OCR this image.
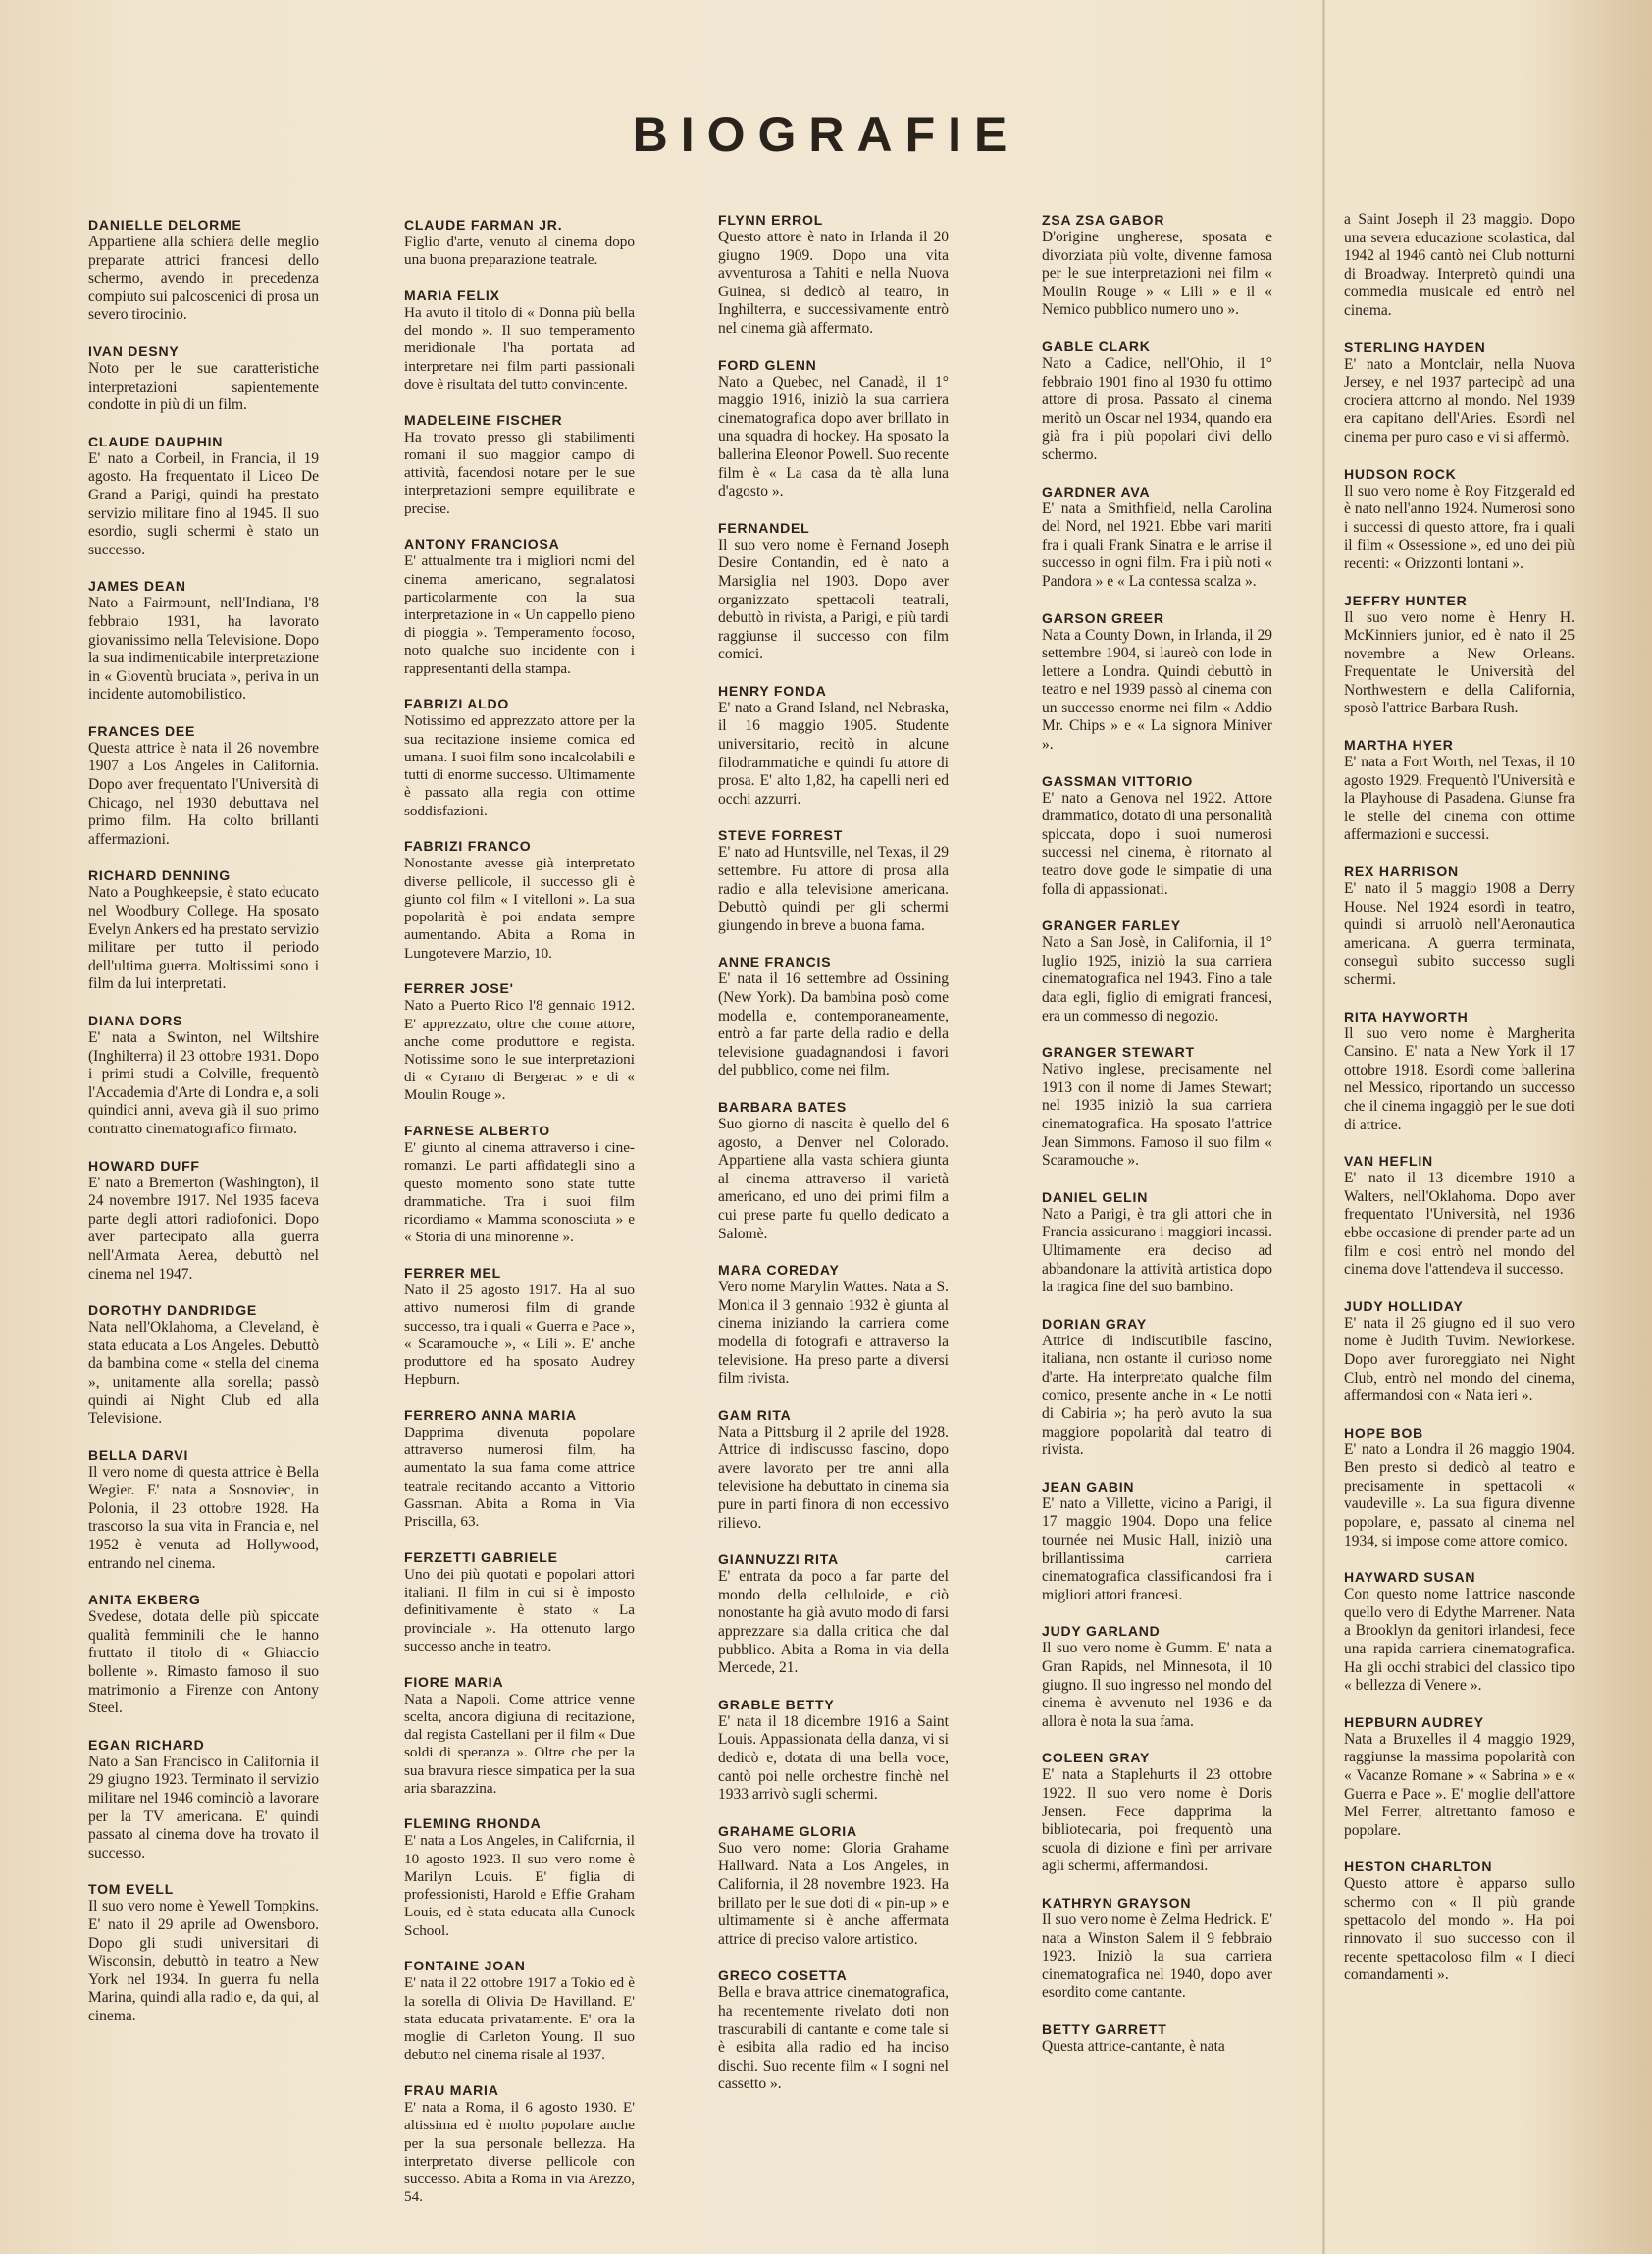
BIOGRAFIE
DANIELLE DELORME
Appartiene alla schiera delle meglio preparate attrici francesi dello schermo, avendo in precedenza compiuto sui palcoscenici di prosa un severo tirocinio.
IVAN DESNY
Noto per le sue caratteristiche interpretazioni sapientemente condotte in più di un film.
CLAUDE DAUPHIN
E' nato a Corbeil, in Francia, il 19 agosto. Ha frequentato il Liceo De Grand a Parigi, quindi ha prestato servizio militare fino al 1945. Il suo esordio, sugli schermi è stato un successo.
JAMES DEAN
Nato a Fairmount, nell'Indiana, l'8 febbraio 1931, ha lavorato giovanissimo nella Televisione. Dopo la sua indimenticabile interpretazione in « Gioventù bruciata », periva in un incidente automobilistico.
FRANCES DEE
Questa attrice è nata il 26 novembre 1907 a Los Angeles in California. Dopo aver frequentato l'Università di Chicago, nel 1930 debuttava nel primo film. Ha colto brillanti affermazioni.
RICHARD DENNING
Nato a Poughkeepsie, è stato educato nel Woodbury College. Ha sposato Evelyn Ankers ed ha prestato servizio militare per tutto il periodo dell'ultima guerra. Moltissimi sono i film da lui interpretati.
DIANA DORS
E' nata a Swinton, nel Wiltshire (Inghilterra) il 23 ottobre 1931. Dopo i primi studi a Colville, frequentò l'Accademia d'Arte di Londra e, a soli quindici anni, aveva già il suo primo contratto cinematografico firmato.
HOWARD DUFF
E' nato a Bremerton (Washington), il 24 novembre 1917. Nel 1935 faceva parte degli attori radiofonici. Dopo aver partecipato alla guerra nell'Armata Aerea, debuttò nel cinema nel 1947.
DOROTHY DANDRIDGE
Nata nell'Oklahoma, a Cleveland, è stata educata a Los Angeles. Debuttò da bambina come « stella del cinema », unitamente alla sorella; passò quindi ai Night Club ed alla Televisione.
BELLA DARVI
Il vero nome di questa attrice è Bella Wegier. E' nata a Sosnoviec, in Polonia, il 23 ottobre 1928. Ha trascorso la sua vita in Francia e, nel 1952 è venuta ad Hollywood, entrando nel cinema.
ANITA EKBERG
Svedese, dotata delle più spiccate qualità femminili che le hanno fruttato il titolo di « Ghiaccio bollente ». Rimasto famoso il suo matrimonio a Firenze con Antony Steel.
EGAN RICHARD
Nato a San Francisco in California il 29 giugno 1923. Terminato il servizio militare nel 1946 cominciò a lavorare per la TV americana. E' quindi passato al cinema dove ha trovato il successo.
TOM EVELL
Il suo vero nome è Yewell Tompkins. E' nato il 29 aprile ad Owensboro. Dopo gli studi universitari di Wisconsin, debuttò in teatro a New York nel 1934. In guerra fu nella Marina, quindi alla radio e, da qui, al cinema.
CLAUDE FARMAN JR.
Figlio d'arte, venuto al cinema dopo una buona preparazione teatrale.
MARIA FELIX
Ha avuto il titolo di « Donna più bella del mondo ». Il suo temperamento meridionale l'ha portata ad interpretare nei film parti passionali dove è risultata del tutto convincente.
MADELEINE FISCHER
Ha trovato presso gli stabilimenti romani il suo maggior campo di attività, facendosi notare per le sue interpretazioni sempre equilibrate e precise.
ANTONY FRANCIOSA
E' attualmente tra i migliori nomi del cinema americano, segnalatosi particolarmente con la sua interpretazione in « Un cappello pieno di pioggia ». Temperamento focoso, noto qualche suo incidente con i rappresentanti della stampa.
FABRIZI ALDO
Notissimo ed apprezzato attore per la sua recitazione insieme comica ed umana. I suoi film sono incalcolabili e tutti di enorme successo. Ultimamente è passato alla regia con ottime soddisfazioni.
FABRIZI FRANCO
Nonostante avesse già interpretato diverse pellicole, il successo gli è giunto col film « I vitelloni ». La sua popolarità è poi andata sempre aumentando. Abita a Roma in Lungotevere Marzio, 10.
FERRER JOSE'
Nato a Puerto Rico l'8 gennaio 1912. E' apprezzato, oltre che come attore, anche come produttore e regista. Notissime sono le sue interpretazioni di « Cyrano di Bergerac » e di « Moulin Rouge ».
FARNESE ALBERTO
E' giunto al cinema attraverso i cine-romanzi. Le parti affidategli sino a questo momento sono state tutte drammatiche. Tra i suoi film ricordiamo « Mamma sconosciuta » e « Storia di una minorenne ».
FERRER MEL
Nato il 25 agosto 1917. Ha al suo attivo numerosi film di grande successo, tra i quali « Guerra e Pace », « Scaramouche », « Lili ». E' anche produttore ed ha sposato Audrey Hepburn.
FERRERO ANNA MARIA
Dapprima divenuta popolare attraverso numerosi film, ha aumentato la sua fama come attrice teatrale recitando accanto a Vittorio Gassman. Abita a Roma in Via Priscilla, 63.
FERZETTI GABRIELE
Uno dei più quotati e popolari attori italiani. Il film in cui si è imposto definitivamente è stato « La provinciale ». Ha ottenuto largo successo anche in teatro.
FIORE MARIA
Nata a Napoli. Come attrice venne scelta, ancora digiuna di recitazione, dal regista Castellani per il film « Due soldi di speranza ». Oltre che per la sua bravura riesce simpatica per la sua aria sbarazzina.
FLEMING RHONDA
E' nata a Los Angeles, in California, il 10 agosto 1923. Il suo vero nome è Marilyn Louis. E' figlia di professionisti, Harold e Effie Graham Louis, ed è stata educata alla Cunock School.
FONTAINE JOAN
E' nata il 22 ottobre 1917 a Tokio ed è la sorella di Olivia De Havilland. E' stata educata privatamente. E' ora la moglie di Carleton Young. Il suo debutto nel cinema risale al 1937.
FRAU MARIA
E' nata a Roma, il 6 agosto 1930. E' altissima ed è molto popolare anche per la sua personale bellezza. Ha interpretato diverse pellicole con successo. Abita a Roma in via Arezzo, 54.
FLYNN ERROL
Questo attore è nato in Irlanda il 20 giugno 1909. Dopo una vita avventurosa a Tahiti e nella Nuova Guinea, si dedicò al teatro, in Inghilterra, e successivamente entrò nel cinema già affermato.
FORD GLENN
Nato a Quebec, nel Canadà, il 1° maggio 1916, iniziò la sua carriera cinematografica dopo aver brillato in una squadra di hockey. Ha sposato la ballerina Eleonor Powell. Suo recente film è « La casa da tè alla luna d'agosto ».
FERNANDEL
Il suo vero nome è Fernand Joseph Desire Contandin, ed è nato a Marsiglia nel 1903. Dopo aver organizzato spettacoli teatrali, debuttò in rivista, a Parigi, e più tardi raggiunse il successo con film comici.
HENRY FONDA
E' nato a Grand Island, nel Nebraska, il 16 maggio 1905. Studente universitario, recitò in alcune filodrammatiche e quindi fu attore di prosa. E' alto 1,82, ha capelli neri ed occhi azzurri.
STEVE FORREST
E' nato ad Huntsville, nel Texas, il 29 settembre. Fu attore di prosa alla radio e alla televisione americana. Debuttò quindi per gli schermi giungendo in breve a buona fama.
ANNE FRANCIS
E' nata il 16 settembre ad Ossining (New York). Da bambina posò come modella e, contemporaneamente, entrò a far parte della radio e della televisione guadagnandosi i favori del pubblico, come nei film.
BARBARA BATES
Suo giorno di nascita è quello del 6 agosto, a Denver nel Colorado. Appartiene alla vasta schiera giunta al cinema attraverso il varietà americano, ed uno dei primi film a cui prese parte fu quello dedicato a Salomè.
MARA COREDAY
Vero nome Marylin Wattes. Nata a S. Monica il 3 gennaio 1932 è giunta al cinema iniziando la carriera come modella di fotografi e attraverso la televisione. Ha preso parte a diversi film rivista.
GAM RITA
Nata a Pittsburg il 2 aprile del 1928. Attrice di indiscusso fascino, dopo avere lavorato per tre anni alla televisione ha debuttato in cinema sia pure in parti finora di non eccessivo rilievo.
GIANNUZZI RITA
E' entrata da poco a far parte del mondo della celluloide, e ciò nonostante ha già avuto modo di farsi apprezzare sia dalla critica che dal pubblico. Abita a Roma in via della Mercede, 21.
GRABLE BETTY
E' nata il 18 dicembre 1916 a Saint Louis. Appassionata della danza, vi si dedicò e, dotata di una bella voce, cantò poi nelle orchestre finchè nel 1933 arrivò sugli schermi.
GRAHAME GLORIA
Suo vero nome: Gloria Grahame Hallward. Nata a Los Angeles, in California, il 28 novembre 1923. Ha brillato per le sue doti di « pin-up » e ultimamente si è anche affermata attrice di preciso valore artistico.
GRECO COSETTA
Bella e brava attrice cinematografica, ha recentemente rivelato doti non trascurabili di cantante e come tale si è esibita alla radio ed ha inciso dischi. Suo recente film « I sogni nel cassetto ».
ZSA ZSA GABOR
D'origine ungherese, sposata e divorziata più volte, divenne famosa per le sue interpretazioni nei film « Moulin Rouge » « Lili » e il « Nemico pubblico numero uno ».
GABLE CLARK
Nato a Cadice, nell'Ohio, il 1° febbraio 1901 fino al 1930 fu ottimo attore di prosa. Passato al cinema meritò un Oscar nel 1934, quando era già fra i più popolari divi dello schermo.
GARDNER AVA
E' nata a Smithfield, nella Carolina del Nord, nel 1921. Ebbe vari mariti fra i quali Frank Sinatra e le arrise il successo in ogni film. Fra i più noti « Pandora » e « La contessa scalza ».
GARSON GREER
Nata a County Down, in Irlanda, il 29 settembre 1904, si laureò con lode in lettere a Londra. Quindi debuttò in teatro e nel 1939 passò al cinema con un successo enorme nei film « Addio Mr. Chips » e « La signora Miniver ».
GASSMAN VITTORIO
E' nato a Genova nel 1922. Attore drammatico, dotato di una personalità spiccata, dopo i suoi numerosi successi nel cinema, è ritornato al teatro dove gode le simpatie di una folla di appassionati.
GRANGER FARLEY
Nato a San Josè, in California, il 1° luglio 1925, iniziò la sua carriera cinematografica nel 1943. Fino a tale data egli, figlio di emigrati francesi, era un commesso di negozio.
GRANGER STEWART
Nativo inglese, precisamente nel 1913 con il nome di James Stewart; nel 1935 iniziò la sua carriera cinematografica. Ha sposato l'attrice Jean Simmons. Famoso il suo film « Scaramouche ».
DANIEL GELIN
Nato a Parigi, è tra gli attori che in Francia assicurano i maggiori incassi. Ultimamente era deciso ad abbandonare la attività artistica dopo la tragica fine del suo bambino.
DORIAN GRAY
Attrice di indiscutibile fascino, italiana, non ostante il curioso nome d'arte. Ha interpretato qualche film comico, presente anche in « Le notti di Cabiria »; ha però avuto la sua maggiore popolarità dal teatro di rivista.
JEAN GABIN
E' nato a Villette, vicino a Parigi, il 17 maggio 1904. Dopo una felice tournée nei Music Hall, iniziò una brillantissima carriera cinematografica classificandosi fra i migliori attori francesi.
JUDY GARLAND
Il suo vero nome è Gumm. E' nata a Gran Rapids, nel Minnesota, il 10 giugno. Il suo ingresso nel mondo del cinema è avvenuto nel 1936 e da allora è nota la sua fama.
COLEEN GRAY
E' nata a Staplehurts il 23 ottobre 1922. Il suo vero nome è Doris Jensen. Fece dapprima la bibliotecaria, poi frequentò una scuola di dizione e finì per arrivare agli schermi, affermandosi.
KATHRYN GRAYSON
Il suo vero nome è Zelma Hedrick. E' nata a Winston Salem il 9 febbraio 1923. Iniziò la sua carriera cinematografica nel 1940, dopo aver esordito come cantante.
BETTY GARRETT
Questa attrice-cantante, è nata
a Saint Joseph il 23 maggio. Dopo una severa educazione scolastica, dal 1942 al 1946 cantò nei Club notturni di Broadway. Interpretò quindi una commedia musicale ed entrò nel cinema.
STERLING HAYDEN
E' nato a Montclair, nella Nuova Jersey, e nel 1937 partecipò ad una crociera attorno al mondo. Nel 1939 era capitano dell'Aries. Esordì nel cinema per puro caso e vi si affermò.
HUDSON ROCK
Il suo vero nome è Roy Fitzgerald ed è nato nell'anno 1924. Numerosi sono i successi di questo attore, fra i quali il film « Ossessione », ed uno dei più recenti: « Orizzonti lontani ».
JEFFRY HUNTER
Il suo vero nome è Henry H. McKinniers junior, ed è nato il 25 novembre a New Orleans. Frequentate le Università del Northwestern e della California, sposò l'attrice Barbara Rush.
MARTHA HYER
E' nata a Fort Worth, nel Texas, il 10 agosto 1929. Frequentò l'Università e la Playhouse di Pasadena. Giunse fra le stelle del cinema con ottime affermazioni e successi.
REX HARRISON
E' nato il 5 maggio 1908 a Derry House. Nel 1924 esordì in teatro, quindi si arruolò nell'Aeronautica americana. A guerra terminata, conseguì subito successo sugli schermi.
RITA HAYWORTH
Il suo vero nome è Margherita Cansino. E' nata a New York il 17 ottobre 1918. Esordì come ballerina nel Messico, riportando un successo che il cinema ingaggiò per le sue doti di attrice.
VAN HEFLIN
E' nato il 13 dicembre 1910 a Walters, nell'Oklahoma. Dopo aver frequentato l'Università, nel 1936 ebbe occasione di prender parte ad un film e così entrò nel mondo del cinema dove l'attendeva il successo.
JUDY HOLLIDAY
E' nata il 26 giugno ed il suo vero nome è Judith Tuvim. Newiorkese. Dopo aver furoreggiato nei Night Club, entrò nel mondo del cinema, affermandosi con « Nata ieri ».
HOPE BOB
E' nato a Londra il 26 maggio 1904. Ben presto si dedicò al teatro e precisamente in spettacoli « vaudeville ». La sua figura divenne popolare, e, passato al cinema nel 1934, si impose come attore comico.
HAYWARD SUSAN
Con questo nome l'attrice nasconde quello vero di Edythe Marrener. Nata a Brooklyn da genitori irlandesi, fece una rapida carriera cinematografica. Ha gli occhi strabici del classico tipo « bellezza di Venere ».
HEPBURN AUDREY
Nata a Bruxelles il 4 maggio 1929, raggiunse la massima popolarità con « Vacanze Romane » « Sabrina » e « Guerra e Pace ». E' moglie dell'attore Mel Ferrer, altrettanto famoso e popolare.
HESTON CHARLTON
Questo attore è apparso sullo schermo con « Il più grande spettacolo del mondo ». Ha poi rinnovato il suo successo con il recente spettacoloso film « I dieci comandamenti ».
